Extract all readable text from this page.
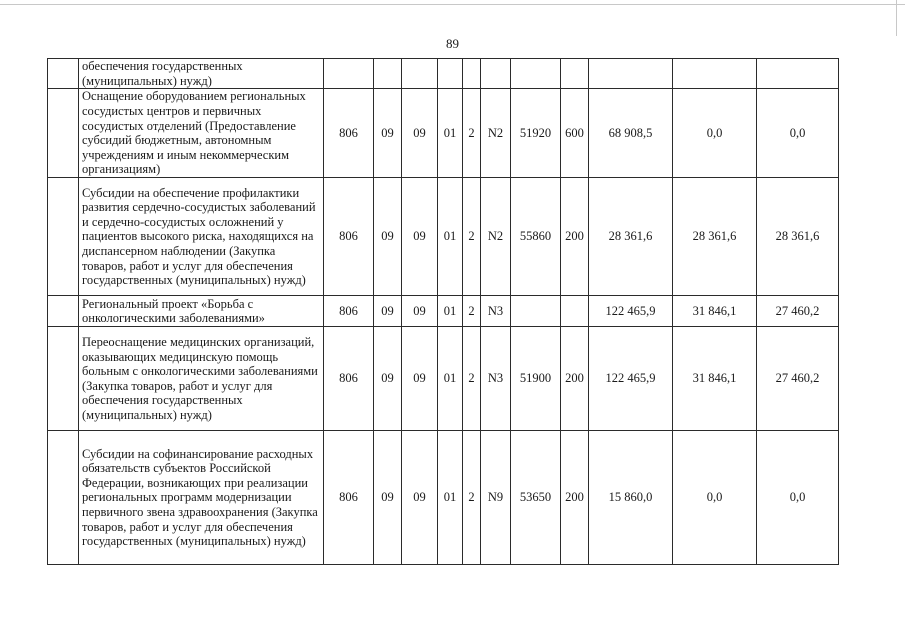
89
	обеспечения государственных (муниципальных) нужд)											
	Оснащение оборудованием региональных сосудистых центров и первичных сосудистых отделений (Предоставление субсидий бюджетным, автономным учреждениям и иным некоммерческим организациям)	806	09	09	01	2	N2	51920	600	68 908,5	0,0	0,0
	Субсидии на обеспечение профилактики развития сердечно-сосудистых заболеваний и сердечно-сосудистых осложнений у пациентов высокого риска, находящихся на диспансерном наблюдении (Закупка товаров, работ и услуг для обеспечения государственных (муниципальных) нужд)	806	09	09	01	2	N2	55860	200	28 361,6	28 361,6	28 361,6
	Региональный проект «Борьба с онкологическими заболеваниями»	806	09	09	01	2	N3			122 465,9	31 846,1	27 460,2
	Переоснащение медицинских организаций, оказывающих медицинскую помощь больным с онкологическими заболеваниями (Закупка товаров, работ и услуг для обеспечения государственных (муниципальных) нужд)	806	09	09	01	2	N3	51900	200	122 465,9	31 846,1	27 460,2
	Субсидии на софинансирование расходных обязательств субъектов Российской Федерации, возникающих при реализации региональных программ модернизации первичного звена здравоохранения (Закупка товаров, работ и услуг для обеспечения государственных (муниципальных) нужд)	806	09	09	01	2	N9	53650	200	15 860,0	0,0	0,0
